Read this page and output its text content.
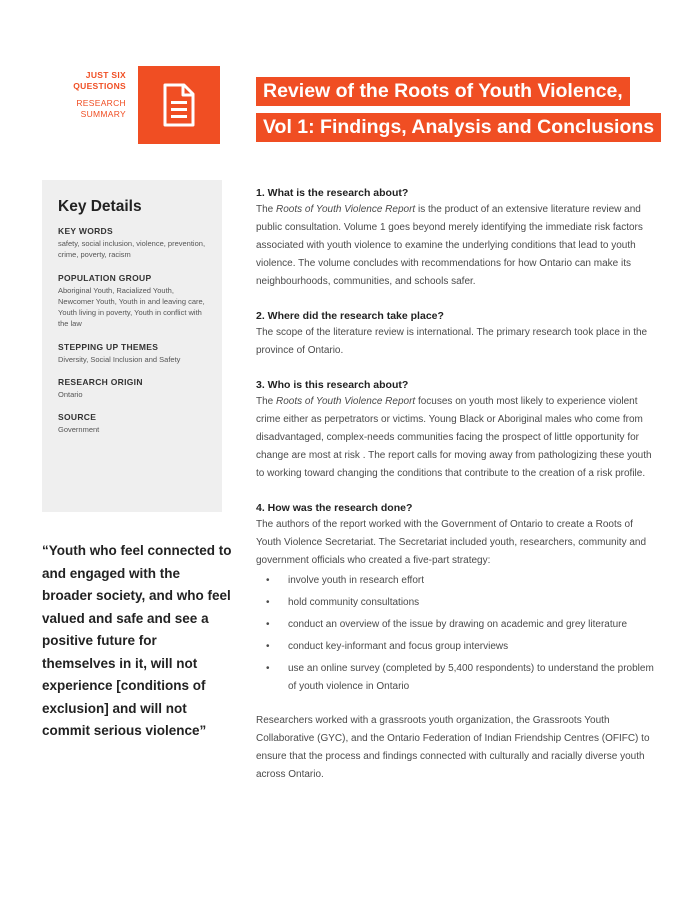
JUST SIX QUESTIONS
RESEARCH SUMMARY
Review of the Roots of Youth Violence,
Vol 1: Findings, Analysis and Conclusions
Key Details
KEY WORDS
safety, social inclusion, violence, prevention, crime, poverty, racism
POPULATION GROUP
Aboriginal Youth, Racialized Youth, Newcomer Youth, Youth in and leaving care, Youth living in poverty, Youth in conflict with the law
STEPPING UP THEMES
Diversity, Social Inclusion and Safety
RESEARCH ORIGIN
Ontario
SOURCE
Government
“Youth who feel connected to and engaged with the broader society, and who feel valued and safe and see a positive future for themselves in it, will not experience [conditions of exclusion] and will not commit serious violence”

1. What is the research about?

The Roots of Youth Violence Report is the product of an extensive literature review and public consultation. Volume 1 goes beyond merely identifying the immediate risk factors associated with youth violence to examine the underlying conditions that lead to youth violence. The volume concludes with recommendations for how Ontario can make its neighbourhoods, communities, and schools safer.

2. Where did the research take place?

The scope of the literature review is international. The primary research took place in the province of Ontario.

3. Who is this research about?

The Roots of Youth Violence Report focuses on youth most likely to experience violent crime either as perpetrators or victims. Young Black or Aboriginal males who come from disadvantaged, complex-needs communities facing the prospect of little opportunity for change are most at risk . The report calls for moving away from pathologizing these youth to working toward changing the conditions that contribute to the creation of a risk profile.

4. How was the research done?

The authors of the report worked with the Government of Ontario to create a Roots of Youth Violence Secretariat. The Secretariat included youth, researchers, community and government officials who created a five-part strategy:

• involve youth in research effort
• hold community consultations
• conduct an overview of the issue by drawing on academic and grey literature
• conduct key-informant and focus group interviews
• use an online survey (completed by 5,400 respondents) to understand the problem of youth violence in Ontario

Researchers worked with a grassroots youth organization, the Grassroots Youth Collaborative (GYC), and the Ontario Federation of Indian Friendship Centres (OFIFC) to ensure that the process and findings connected with culturally and racially diverse youth across Ontario.
